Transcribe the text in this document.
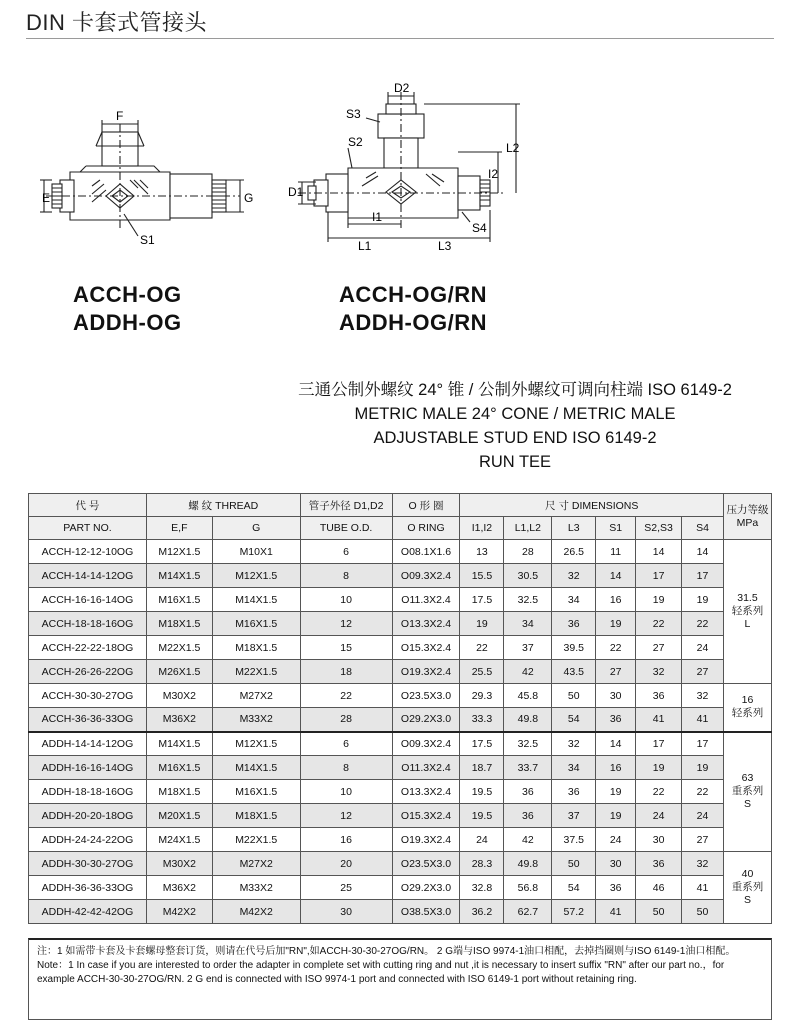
DIN 卡套式管接头
F
E	G
S1
D2
S3
S2	L2
I2
D1
I1
L1	L3
S4
ACCH-OG
ADDH-OG
ACCH-OG/RN
ADDH-OG/RN
三通公制外螺纹 24° 锥 / 公制外螺纹可调向柱端 ISO 6149-2
METRIC MALE 24° CONE / METRIC MALE
ADJUSTABLE STUD END ISO 6149-2
RUN TEE
代 号	螺 纹 THREAD		管子外径 D1,D2	O 形 圈	尺 寸 DIMENSIONS						压力等级
MPa

PART NO.	E,F	G	TUBE O.D.	O RING	I1,I2	L1,L2	L3	S1	S2,S3	S4	
ACCH-12-12-10OG	M12X1.5	M10X1	6	O08.1X1.6	13	28	26.5	11	14	14	31.5
轻系列
L

ACCH-14-14-12OG	M14X1.5	M12X1.5	8	O09.3X2.4	15.5	30.5	32	14	17	17	
ACCH-16-16-14OG	M16X1.5	M14X1.5	10	O11.3X2.4	17.5	32.5	34	16	19	19	
ACCH-18-18-16OG	M18X1.5	M16X1.5	12	O13.3X2.4	19	34	36	19	22	22	
ACCH-22-22-18OG	M22X1.5	M18X1.5	15	O15.3X2.4	22	37	39.5	22	27	24	
ACCH-26-26-22OG	M26X1.5	M22X1.5	18	O19.3X2.4	25.5	42	43.5	27	32	27	
ACCH-30-30-27OG	M30X2	M27X2	22	O23.5X3.0	29.3	45.8	50	30	36	32	16
轻系列

ACCH-36-36-33OG	M36X2	M33X2	28	O29.2X3.0	33.3	49.8	54	36	41	41	
ADDH-14-14-12OG	M14X1.5	M12X1.5	6	O09.3X2.4	17.5	32.5	32	14	17	17	63
重系列
S

ADDH-16-16-14OG	M16X1.5	M14X1.5	8	O11.3X2.4	18.7	33.7	34	16	19	19	
ADDH-18-18-16OG	M18X1.5	M16X1.5	10	O13.3X2.4	19.5	36	36	19	22	22	
ADDH-20-20-18OG	M20X1.5	M18X1.5	12	O15.3X2.4	19.5	36	37	19	24	24	
ADDH-24-24-22OG	M24X1.5	M22X1.5	16	O19.3X2.4	24	42	37.5	24	30	27	
ADDH-30-30-27OG	M30X2	M27X2	20	O23.5X3.0	28.3	49.8	50	30	36	32	40
重系列
S

ADDH-36-36-33OG	M36X2	M33X2	25	O29.2X3.0	32.8	56.8	54	36	46	41	
ADDH-42-42-42OG	M42X2	M42X2	30	O38.5X3.0	36.2	62.7	57.2	41	50	50	

注：1 如需带卡套及卡套螺母整套订货，则请在代号后加"RN",如ACCH-30-30-27OG/RN。 2 G端与ISO 9974-1油口相配，去掉挡圈则与ISO 6149-1油口相配。

Note：1 In case if you are interested to order the adapter in complete set with cutting ring and nut ,it is necessary to insert suffix "RN" after our part no.，for example ACCH-30-30-27OG/RN. 2 G end is connected with ISO 9974-1 port and connected with ISO 6149-1 port without retaining ring.
